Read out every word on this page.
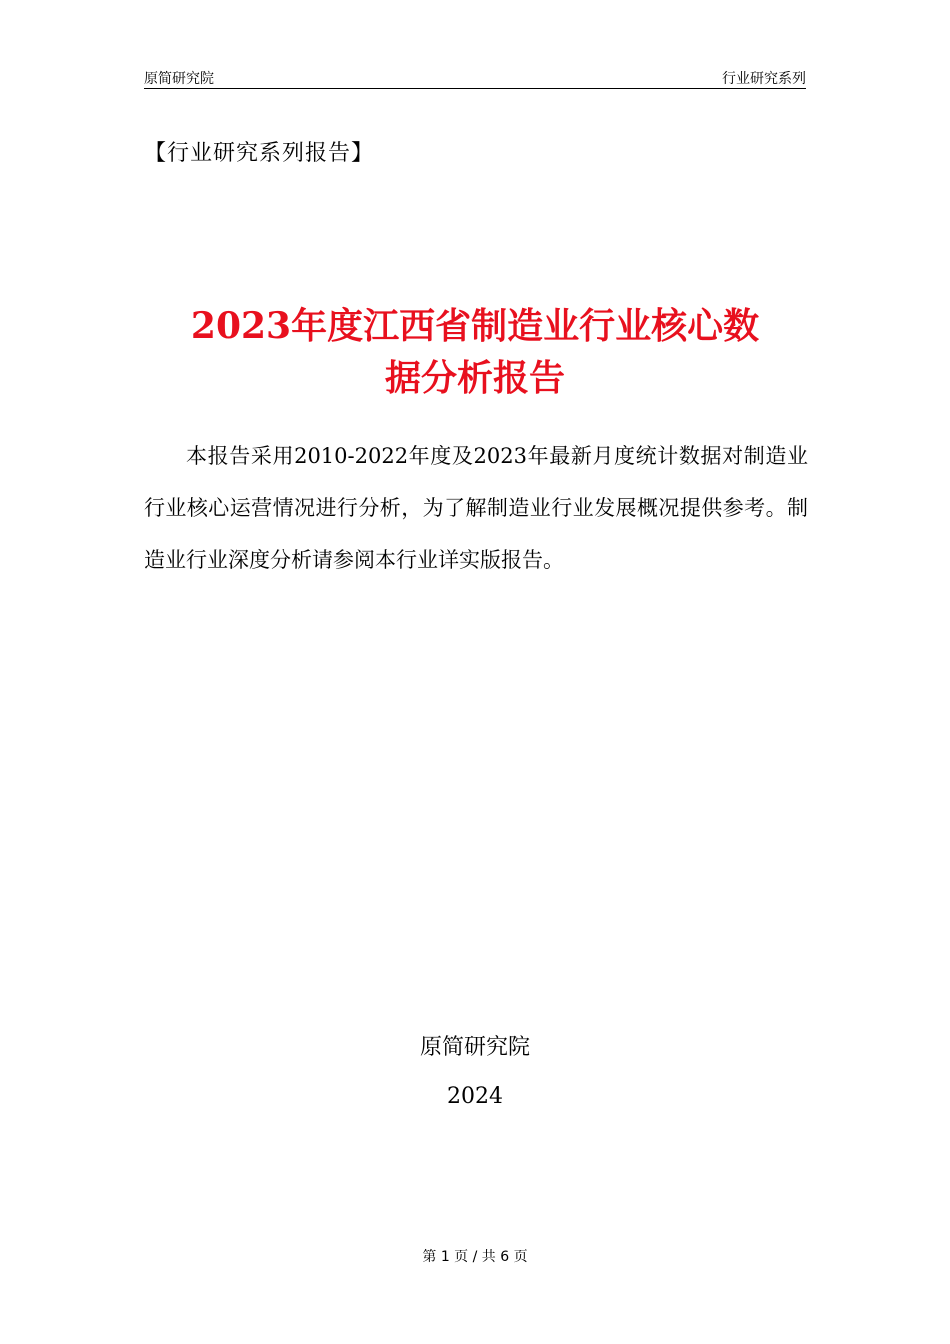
原简研究院	行业研究系列
【行业研究系列报告】
2023年度江西省制造业行业核心数
据分析报告

本报告采用2010-2022年度及2023年最新月度统计数据对制造业行业核心运营情况进行分析，为了解制造业行业发展概况提供参考。制造业行业深度分析请参阅本行业详实版报告。

原简研究院
2024
第 1 页 / 共 6 页
